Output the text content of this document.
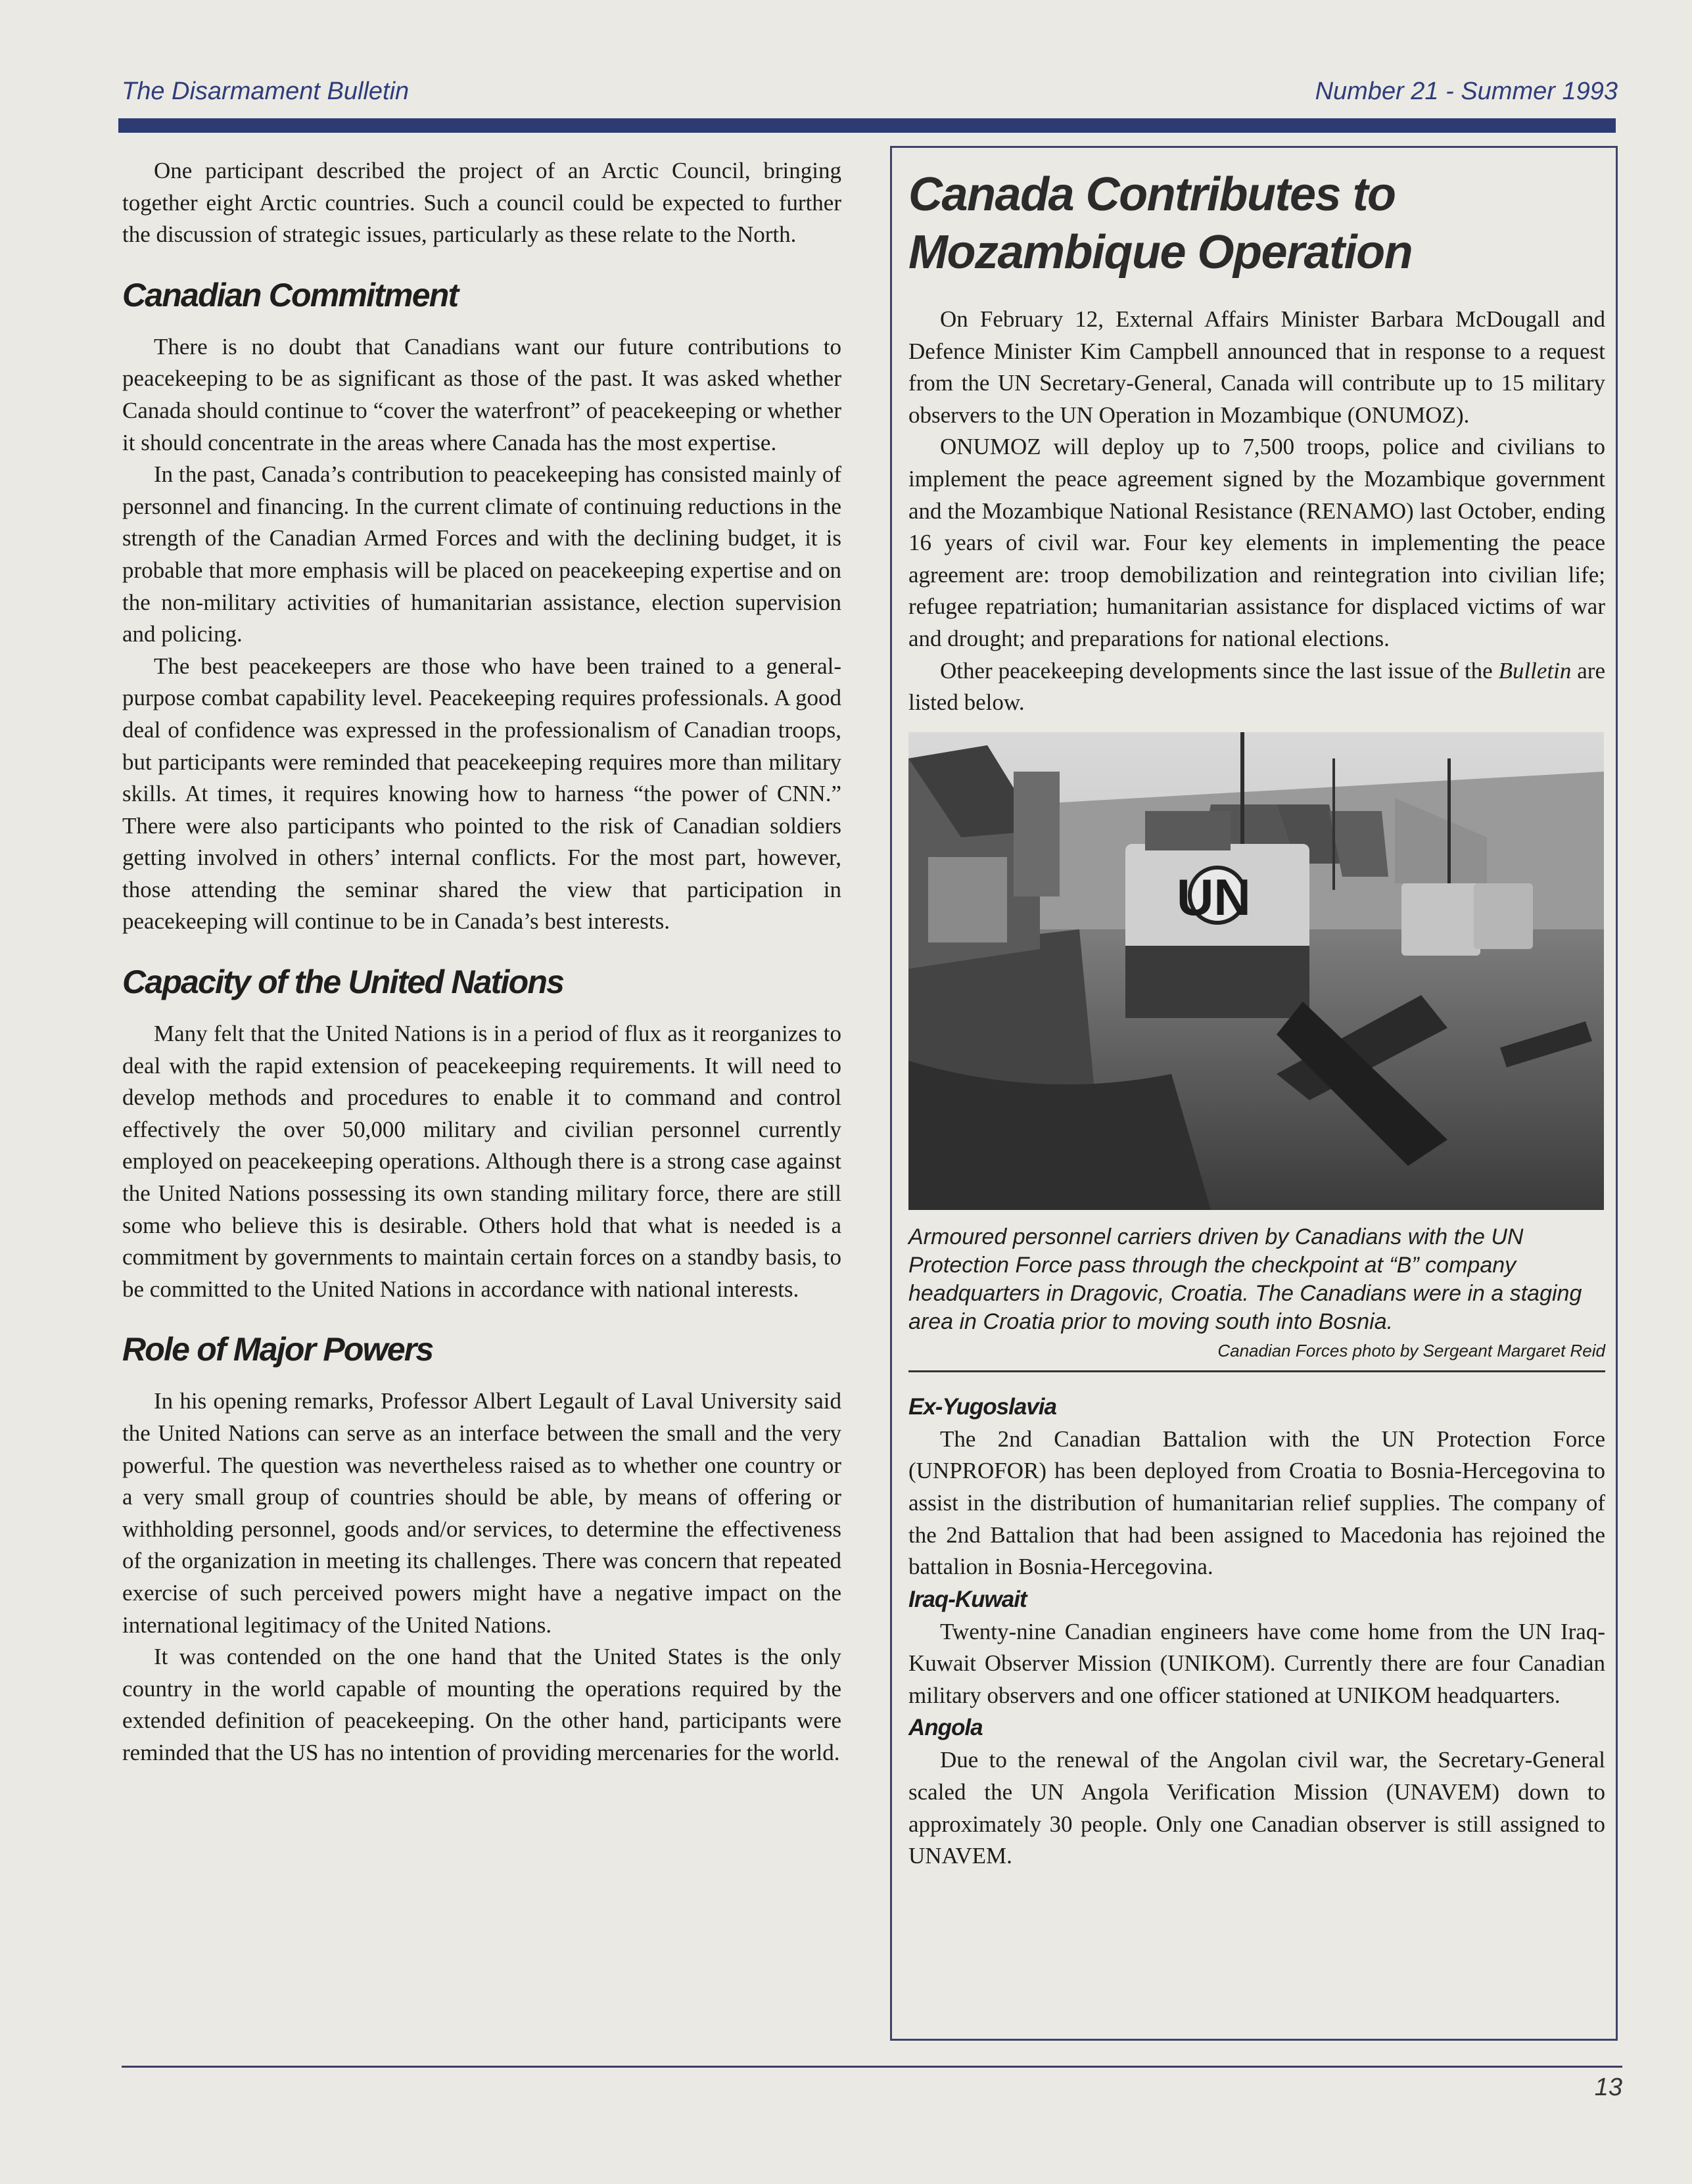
The Disarmament Bulletin	Number 21 - Summer 1993

One participant described the project of an Arctic Council, bringing together eight Arctic countries. Such a council could be expected to further the discussion of strategic issues, particularly as these relate to the North.

Canadian Commitment

There is no doubt that Canadians want our future contributions to peacekeeping to be as significant as those of the past. It was asked whether Canada should continue to “cover the waterfront” of peacekeeping or whether it should concentrate in the areas where Canada has the most expertise.

In the past, Canada’s contribution to peacekeeping has consisted mainly of personnel and financing. In the current climate of continuing reductions in the strength of the Canadian Armed Forces and with the declining budget, it is probable that more emphasis will be placed on peacekeeping expertise and on the non-military activities of humanitarian assistance, election supervision and policing.

The best peacekeepers are those who have been trained to a general-purpose combat capability level. Peacekeeping requires professionals. A good deal of confidence was expressed in the professionalism of Canadian troops, but participants were reminded that peacekeeping requires more than military skills. At times, it requires knowing how to harness “the power of CNN.” There were also participants who pointed to the risk of Canadian soldiers getting involved in others’ internal conflicts. For the most part, however, those attending the seminar shared the view that participation in peacekeeping will continue to be in Canada’s best interests.

Capacity of the United Nations

Many felt that the United Nations is in a period of flux as it reorganizes to deal with the rapid extension of peacekeeping requirements. It will need to develop methods and procedures to enable it to command and control effectively the over 50,000 military and civilian personnel currently employed on peacekeeping operations. Although there is a strong case against the United Nations possessing its own standing military force, there are still some who believe this is desirable. Others hold that what is needed is a commitment by governments to maintain certain forces on a standby basis, to be committed to the United Nations in accordance with national interests.

Role of Major Powers

In his opening remarks, Professor Albert Legault of Laval University said the United Nations can serve as an interface between the small and the very powerful. The question was nevertheless raised as to whether one country or a very small group of countries should be able, by means of offering or withholding personnel, goods and/or services, to determine the effectiveness of the organization in meeting its challenges. There was concern that repeated exercise of such perceived powers might have a negative impact on the international legitimacy of the United Nations.

It was contended on the one hand that the United States is the only country in the world capable of mounting the operations required by the extended definition of peacekeeping. On the other hand, participants were reminded that the US has no intention of providing mercenaries for the world.

Canada Contributes to
Mozambique Operation

On February 12, External Affairs Minister Barbara McDougall and Defence Minister Kim Campbell announced that in response to a request from the UN Secretary-General, Canada will contribute up to 15 military observers to the UN Operation in Mozambique (ONUMOZ).

ONUMOZ will deploy up to 7,500 troops, police and civilians to implement the peace agreement signed by the Mozambique government and the Mozambique National Resistance (RENAMO) last October, ending 16 years of civil war. Four key elements in implementing the peace agreement are: troop demobilization and reintegration into civilian life; refugee repatriation; humanitarian assistance for displaced victims of war and drought; and preparations for national elections.

Other peacekeeping developments since the last issue of the Bulletin are listed below.

UN
Armoured personnel carriers driven by Canadians with the UN Protection Force pass through the checkpoint at “B” company headquarters in Dragovic, Croatia. The Canadians were in a staging area in Croatia prior to moving south into Bosnia.
Canadian Forces photo by Sergeant Margaret Reid
Ex-Yugoslavia

The 2nd Canadian Battalion with the UN Protection Force (UNPROFOR) has been deployed from Croatia to Bosnia-Hercegovina to assist in the distribution of humanitarian relief supplies. The company of the 2nd Battalion that had been assigned to Macedonia has rejoined the battalion in Bosnia-Hercegovina.

Iraq-Kuwait

Twenty-nine Canadian engineers have come home from the UN Iraq-Kuwait Observer Mission (UNIKOM). Currently there are four Canadian military observers and one officer stationed at UNIKOM headquarters.

Angola

Due to the renewal of the Angolan civil war, the Secretary-General scaled the UN Angola Verification Mission (UNAVEM) down to approximately 30 people. Only one Canadian observer is still assigned to UNAVEM.

13
